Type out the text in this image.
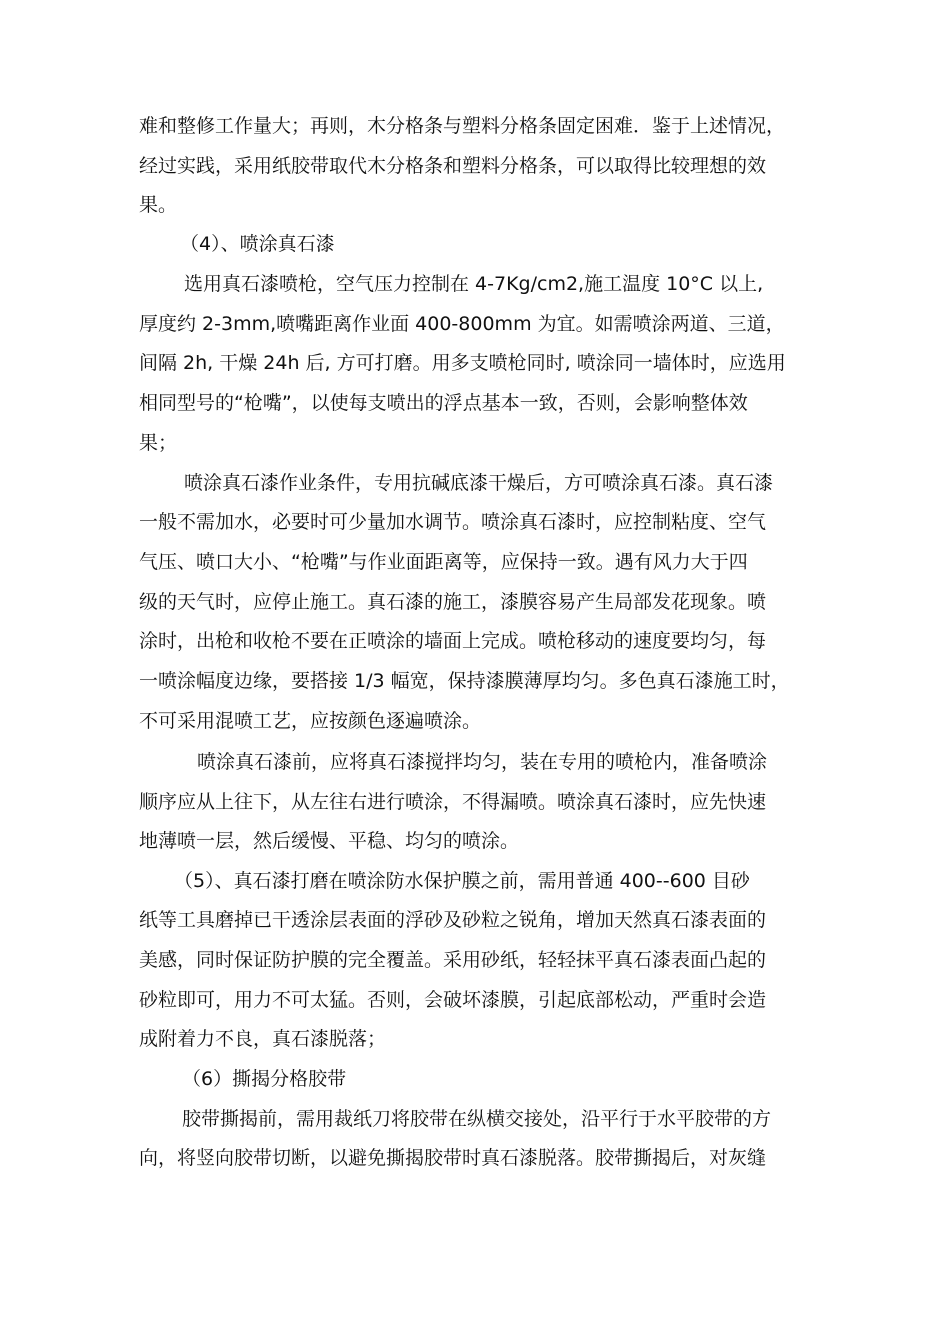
难和整修工作量大；再则，木分格条与塑料分格条固定困难．鉴于上述情况，
经过实践，采用纸胶带取代木分格条和塑料分格条，可以取得比较理想的效
果。
（4）、喷涂真石漆
选用真石漆喷枪，空气压力控制在 4-7Kg/cm2,施工温度 10°C 以上,
厚度约 2-3mm,喷嘴距离作业面 400-800mm 为宜。如需喷涂两道、三道，
间隔 2h, 干燥 24h 后, 方可打磨。用多支喷枪同时, 喷涂同一墙体时，应选用
相同型号的“枪嘴”，以使每支喷出的浮点基本一致，否则，会影响整体效
果；
喷涂真石漆作业条件，专用抗碱底漆干燥后，方可喷涂真石漆。真石漆
一般不需加水，必要时可少量加水调节。喷涂真石漆时，应控制粘度、空气
气压、喷口大小、“枪嘴”与作业面距离等，应保持一致。遇有风力大于四
级的天气时，应停止施工。真石漆的施工，漆膜容易产生局部发花现象。喷
涂时，出枪和收枪不要在正喷涂的墙面上完成。喷枪移动的速度要均匀，每
一喷涂幅度边缘，要搭接 1/3 幅宽，保持漆膜薄厚均匀。多色真石漆施工时，
不可采用混喷工艺，应按颜色逐遍喷涂。
喷涂真石漆前，应将真石漆搅拌均匀，装在专用的喷枪内，准备喷涂
顺序应从上往下，从左往右进行喷涂，不得漏喷。喷涂真石漆时，应先快速
地薄喷一层，然后缓慢、平稳、均匀的喷涂。
（5）、真石漆打磨在喷涂防水保护膜之前，需用普通 400--600 目砂
纸等工具磨掉已干透涂层表面的浮砂及砂粒之锐角，增加天然真石漆表面的
美感，同时保证防护膜的完全覆盖。采用砂纸，轻轻抹平真石漆表面凸起的
砂粒即可，用力不可太猛。否则，会破坏漆膜，引起底部松动，严重时会造
成附着力不良，真石漆脱落；
（6）撕揭分格胶带
胶带撕揭前，需用裁纸刀将胶带在纵横交接处，沿平行于水平胶带的方
向，将竖向胶带切断，以避免撕揭胶带时真石漆脱落。胶带撕揭后，对灰缝
